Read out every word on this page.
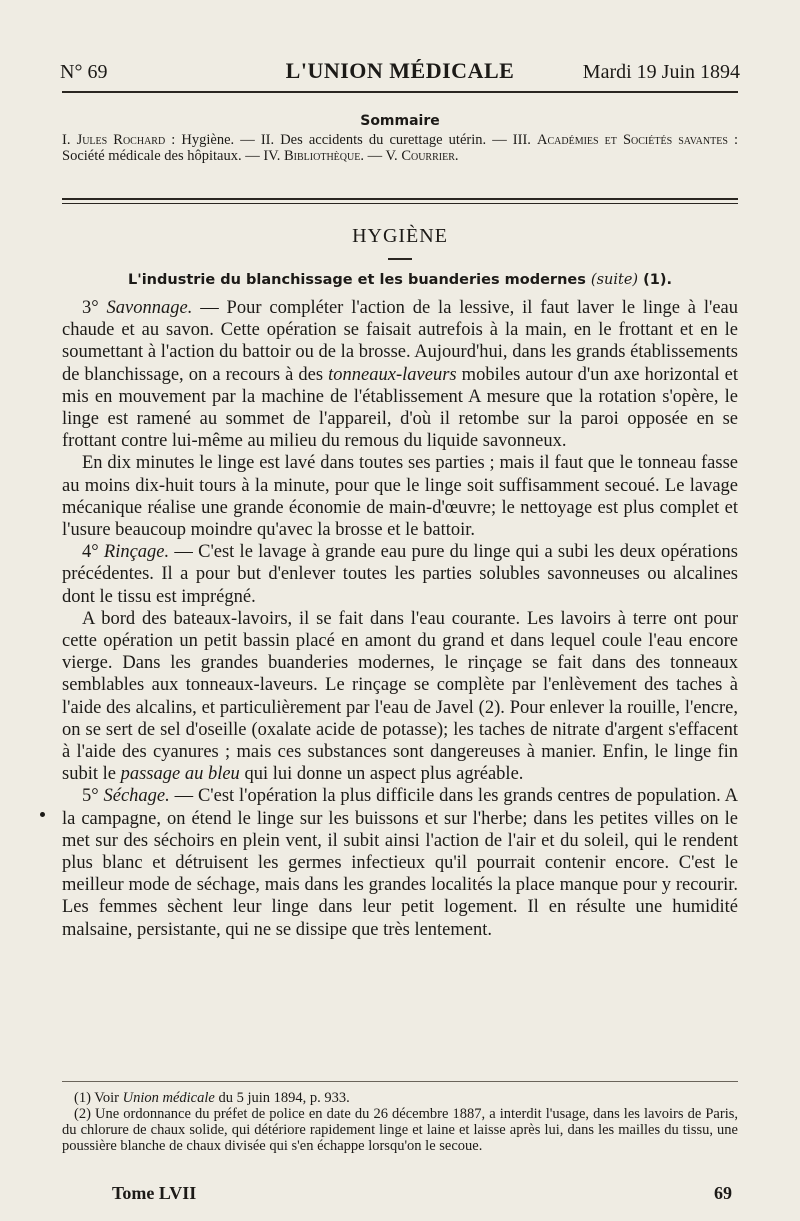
N° 69	L'UNION MÉDICALE	Mardi 19 Juin 1894
Sommaire
I. Jules Rochard : Hygiène. — II. Des accidents du curettage utérin. — III. Académies et Sociétés savantes : Société médicale des hôpitaux. — IV. Bibliothèque. — V. Courrier.
HYGIÈNE
L'industrie du blanchissage et les buanderies modernes (suite) (1).

3° Savonnage. — Pour compléter l'action de la lessive, il faut laver le linge à l'eau chaude et au savon. Cette opération se faisait autrefois à la main, en le frottant et en le soumettant à l'action du battoir ou de la brosse. Aujourd'hui, dans les grands établissements de blanchissage, on a recours à des tonneaux-laveurs mobiles autour d'un axe horizontal et mis en mouvement par la machine de l'établissement A mesure que la rotation s'opère, le linge est ramené au sommet de l'appareil, d'où il retombe sur la paroi opposée en se frottant contre lui-même au milieu du remous du liquide savonneux.

En dix minutes le linge est lavé dans toutes ses parties ; mais il faut que le tonneau fasse au moins dix-huit tours à la minute, pour que le linge soit suffisamment secoué. Le lavage mécanique réalise une grande économie de main-d'œuvre; le nettoyage est plus complet et l'usure beaucoup moindre qu'avec la brosse et le battoir.

4° Rinçage. — C'est le lavage à grande eau pure du linge qui a subi les deux opérations précédentes. Il a pour but d'enlever toutes les parties solubles savonneuses ou alcalines dont le tissu est imprégné.

A bord des bateaux-lavoirs, il se fait dans l'eau courante. Les lavoirs à terre ont pour cette opération un petit bassin placé en amont du grand et dans lequel coule l'eau encore vierge. Dans les grandes buanderies modernes, le rinçage se fait dans des tonneaux semblables aux tonneaux-laveurs. Le rinçage se complète par l'enlèvement des taches à l'aide des alcalins, et particulièrement par l'eau de Javel (2). Pour enlever la rouille, l'encre, on se sert de sel d'oseille (oxalate acide de potasse); les taches de nitrate d'argent s'effacent à l'aide des cyanures ; mais ces substances sont dangereuses à manier. Enfin, le linge fin subit le passage au bleu qui lui donne un aspect plus agréable.

5° Séchage. — C'est l'opération la plus difficile dans les grands centres de population. A la campagne, on étend le linge sur les buissons et sur l'herbe; dans les petites villes on le met sur des séchoirs en plein vent, il subit ainsi l'action de l'air et du soleil, qui le rendent plus blanc et détruisent les germes infectieux qu'il pourrait contenir encore. C'est le meilleur mode de séchage, mais dans les grandes localités la place manque pour y recourir. Les femmes sèchent leur linge dans leur petit logement. Il en résulte une humidité malsaine, persistante, qui ne se dissipe que très lentement.

(1) Voir Union médicale du 5 juin 1894, p. 933.

(2) Une ordonnance du préfet de police en date du 26 décembre 1887, a interdit l'usage, dans les lavoirs de Paris, du chlorure de chaux solide, qui détériore rapidement linge et laine et laisse après lui, dans les mailles du tissu, une poussière blanche de chaux divisée qui s'en échappe lorsqu'on le secoue.

Tome LVII	69
